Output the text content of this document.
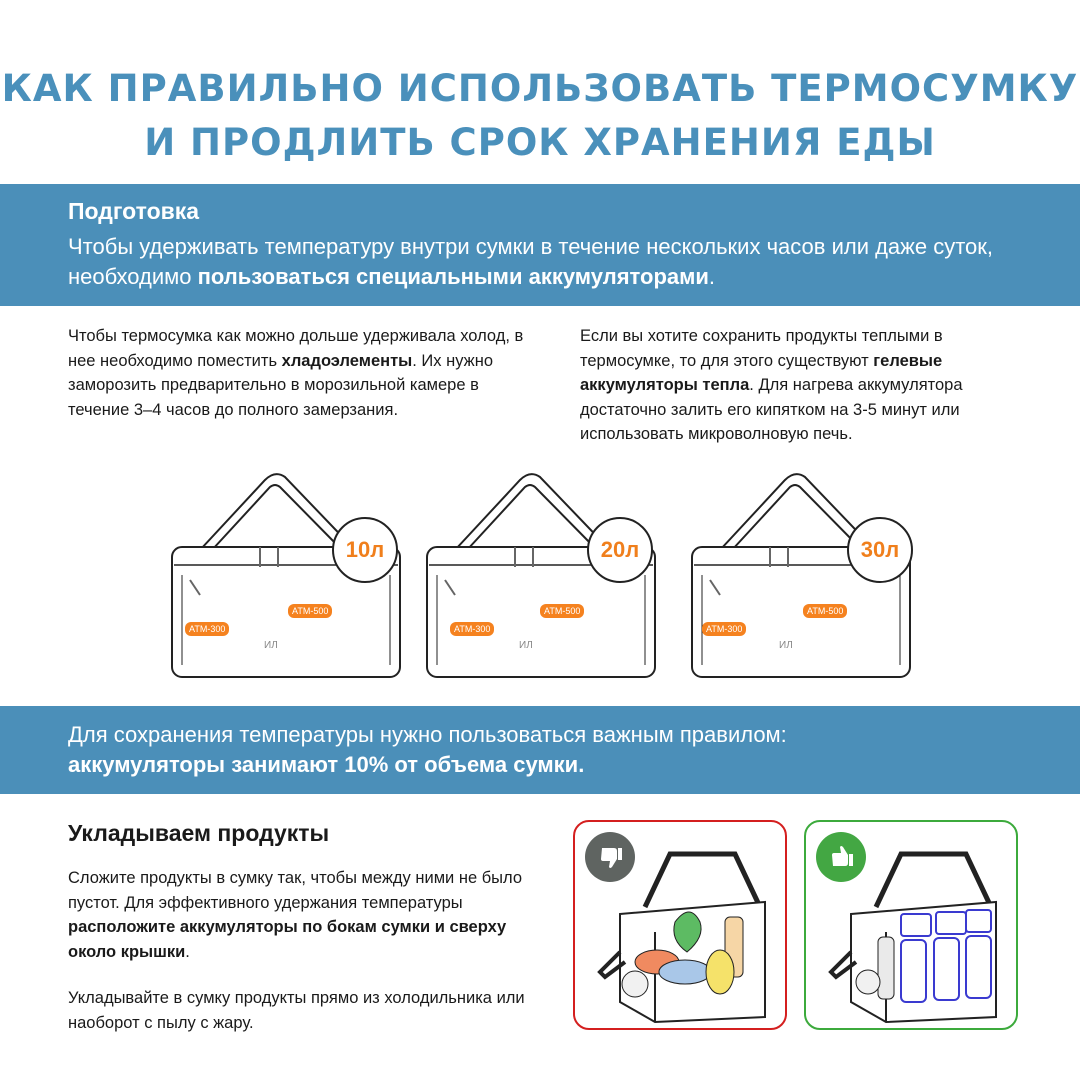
КАК ПРАВИЛЬНО ИСПОЛЬЗОВАТЬ ТЕРМОСУМКУ
И ПРОДЛИТЬ СРОК ХРАНЕНИЯ ЕДЫ
Подготовка

Чтобы удерживать температуру внутри сумки в течение нескольких часов или даже суток, необходимо пользоваться специальными аккумуляторами.

Чтобы термосумка как можно дольше удерживала холод, в нее необходимо поместить хладоэлементы. Их нужно заморозить предварительно в морозильной камере в течение 3–4 часов до полного замерзания.

Если вы хотите сохранить продукты теплыми в термосумке, то для этого существуют гелевые аккумуляторы тепла. Для нагрева аккумулятора достаточно залить его кипятком на 3-5 минут или использовать микроволновую печь.

10л
ATM-500
ATM-300
ИЛ
20л
ATM-500
ATM-300
ИЛ
30л
ATM-500
ATM-300
ИЛ

Для сохранения температуры нужно пользоваться важным правилом:
аккумуляторы занимают 10% от объема сумки.

Укладываем продукты

Сложите продукты в сумку так, чтобы между ними не было пустот. Для эффективного удержания температуры расположите аккумуляторы по бокам сумки и сверху около крышки.

Укладывайте в сумку продукты прямо из холодильника или наоборот с пылу с жару.
